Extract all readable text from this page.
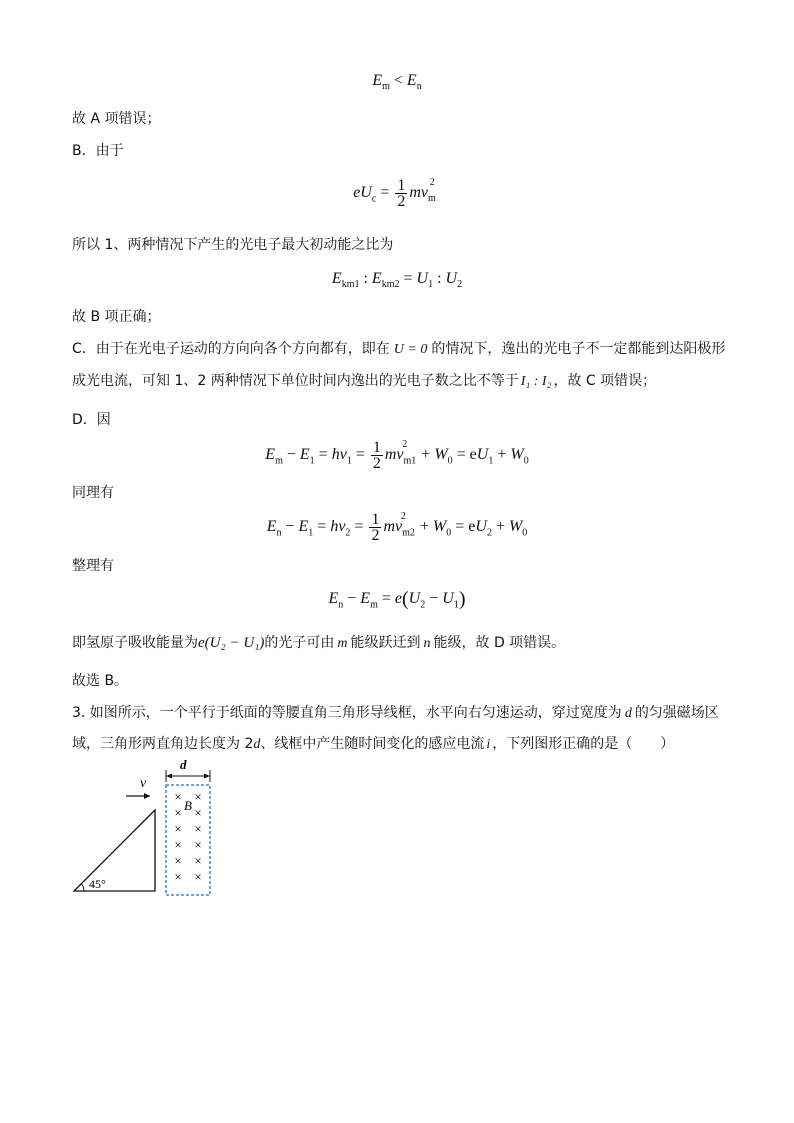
$E_m < E_n$
故 A 项错误；
B．由于
$eU_c = \frac{1}{2} mv_m^2$
所以 1、两种情况下产生的光电子最大初动能之比为
$E_{km1}$ : $E_{km2} = U_1$ : $U_2$
故 B 项正确；
C．由于在光电子运动的方向向各个方向都有，即在 U = 0 的情况下，逸出的光电子不一定都能到达阳极形
成光电流，可知 1、2 两种情况下单位时间内逸出的光电子数之比不等于 I₁ : I₂ ，故 C 项错误；
D．因
$E_m - E_1 = h\nu_1 = \frac{1}{2} mv_{m1}^2+ W_0 = eU_1 + W_0$
同理有
$E_n - E_1 = h\nu_2 = \frac{1}{2} mv_{m2}^2+ W_0 = eU_2 + W_0$
整理有
$E_n - E_m = e(U_2 - U_1)$
即氢原子吸收能量为e(U₂ − U₁)的光子可由 m 能级跃迁到 n 能级，故 D 项错误。
故选 B。
3. 如图所示，一个平行于纸面的等腰直角三角形导线框，水平向右匀速运动，穿过宽度为 d 的匀强磁场区
域，三角形两直角边长度为 2d、线框中产生随时间变化的感应电流 i ，下列图形正确的是（　　）
v
45°
d
× ×
× ×
× ×
× ×
× ×
× ×
B
